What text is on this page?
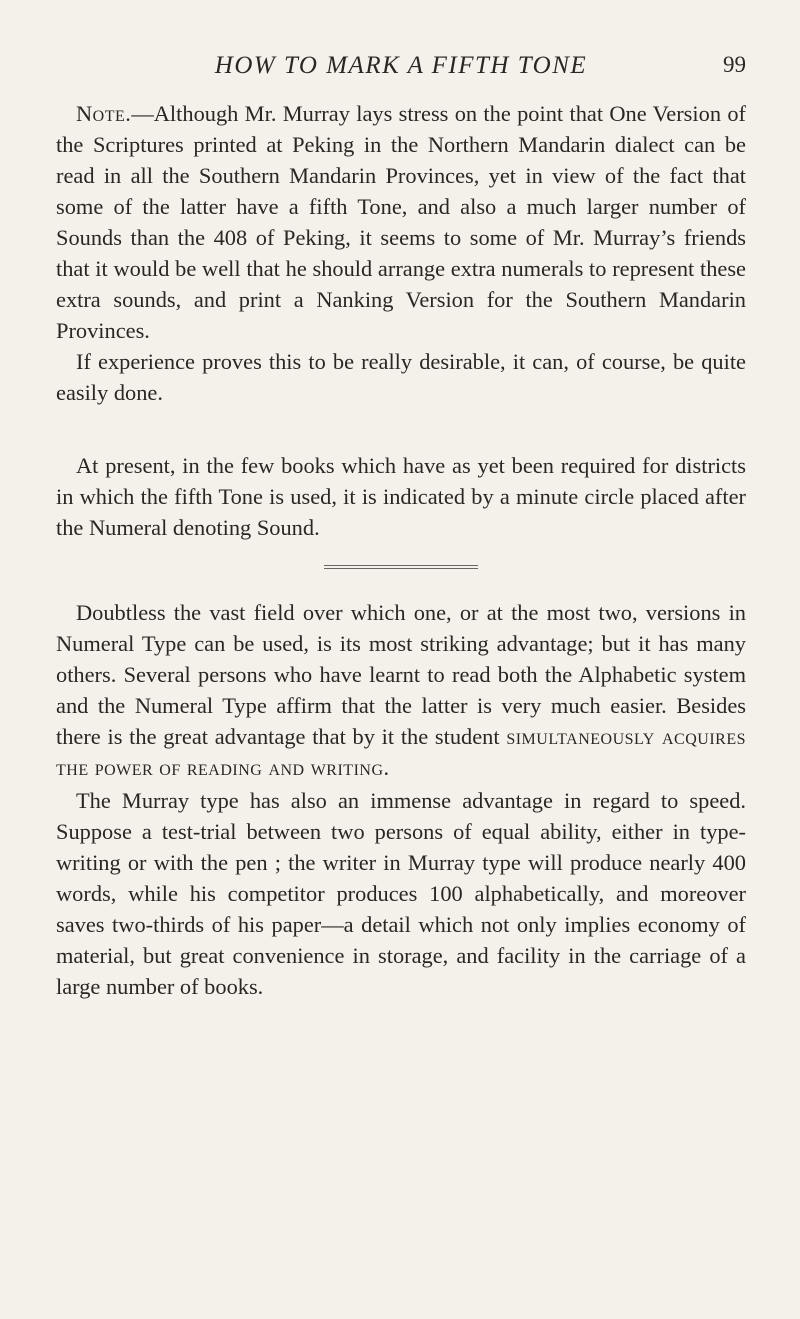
HOW TO MARK A FIFTH TONE	99

Note.—Although Mr. Murray lays stress on the point that One Version of the Scriptures printed at Peking in the Northern Mandarin dialect can be read in all the Southern Mandarin Provinces, yet in view of the fact that some of the latter have a fifth Tone, and also a much larger number of Sounds than the 408 of Peking, it seems to some of Mr. Murray’s friends that it would be well that he should arrange extra numerals to represent these extra sounds, and print a Nanking Version for the Southern Mandarin Provinces.

If experience proves this to be really desirable, it can, of course, be quite easily done.

At present, in the few books which have as yet been required for districts in which the fifth Tone is used, it is indicated by a minute circle placed after the Numeral denoting Sound.

Doubtless the vast field over which one, or at the most two, versions in Numeral Type can be used, is its most striking advantage; but it has many others. Several persons who have learnt to read both the Alphabetic system and the Numeral Type affirm that the latter is very much easier. Besides there is the great advantage that by it the student simultaneously acquires the power of reading and writing.

The Murray type has also an immense advantage in regard to speed. Suppose a test-trial between two persons of equal ability, either in type-writing or with the pen ; the writer in Murray type will produce nearly 400 words, while his competitor produces 100 alphabetically, and moreover saves two-thirds of his paper—a detail which not only implies economy of material, but great convenience in storage, and facility in the carriage of a large number of books.
